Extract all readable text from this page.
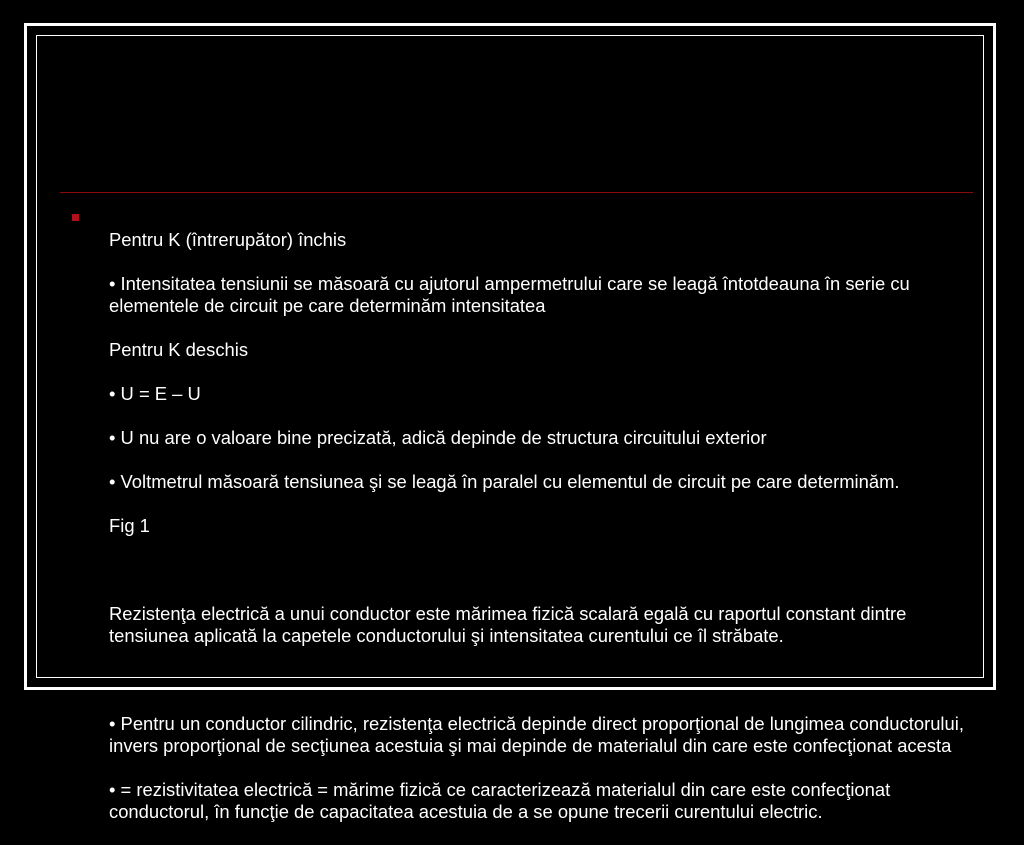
Pentru K (întrerupător) închis

• Intensitatea tensiunii se măsoară cu ajutorul ampermetrului care se leagă întotdeauna în serie cu elementele de circuit pe care determinăm intensitatea

Pentru K deschis

• U = E – U

• U nu are o valoare bine precizată, adică depinde de structura circuitului exterior

• Voltmetrul măsoară tensiunea şi se leagă în paralel cu elementul de circuit pe care determinăm.

Fig 1

Rezistenţa electrică a unui conductor este mărimea fizică scalară egală cu raportul constant dintre tensiunea aplicată la capetele conductorului şi intensitatea curentului ce îl străbate.

• Pentru un conductor cilindric, rezistenţa electrică depinde direct proporţional de lungimea conductorului, invers proporţional de secţiunea acestuia şi mai depinde de materialul din care este confecţionat acesta

• = rezistivitatea electrică = mărime fizică ce caracterizează materialul din care este confecţionat conductorul, în funcţie de capacitatea acestuia de a se opune trecerii curentului electric.
